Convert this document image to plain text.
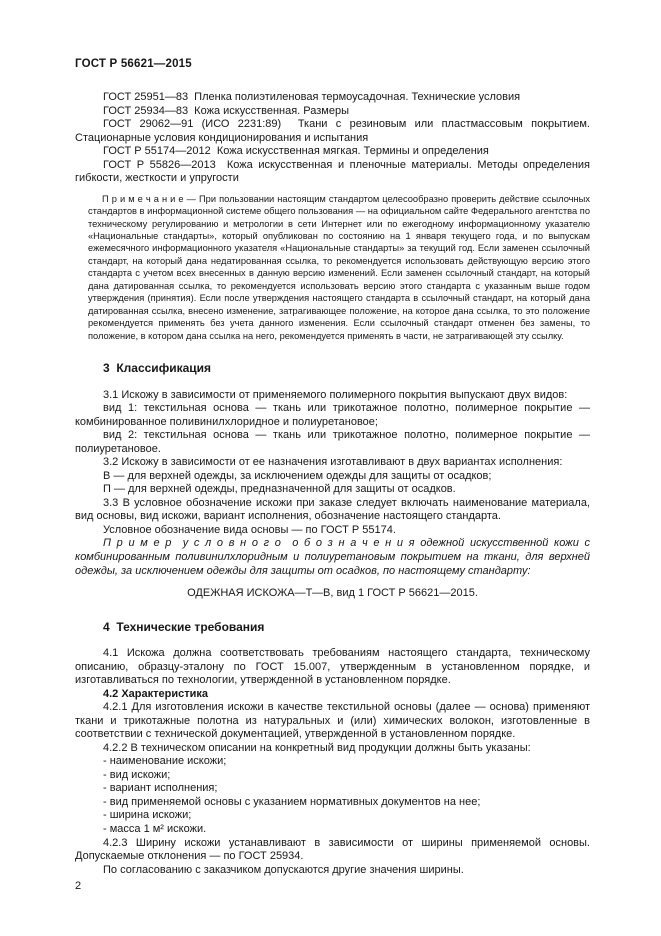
ГОСТ Р 56621—2015

ГОСТ 25951—83  Пленка полиэтиленовая термоусадочная. Технические условия

ГОСТ 25934—83  Кожа искусственная. Размеры

ГОСТ 29062—91 (ИСО 2231:89)  Ткани с резиновым или пластмассовым покрытием. Стационарные условия кондиционирования и испытания

ГОСТ Р 55174—2012  Кожа искусственная мягкая. Термины и определения

ГОСТ Р 55826—2013  Кожа искусственная и пленочные материалы. Методы определения гибкости, жесткости и упругости

П р и м е ч а н и е — При пользовании настоящим стандартом целесообразно проверить действие ссылочных стандартов в информационной системе общего пользования — на официальном сайте Федерального агентства по техническому регулированию и метрологии в сети Интернет или по ежегодному информационному указателю «Национальные стандарты», который опубликован по состоянию на 1 января текущего года, и по выпускам ежемесячного информационного указателя «Национальные стандарты» за текущий год. Если заменен ссылочный стандарт, на который дана недатированная ссылка, то рекомендуется использовать действующую версию этого стандарта с учетом всех внесенных в данную версию изменений. Если заменен ссылочный стандарт, на который дана датированная ссылка, то рекомендуется использовать версию этого стандарта с указанным выше годом утверждения (принятия). Если после утверждения настоящего стандарта в ссылочный стандарт, на который дана датированная ссылка, внесено изменение, затрагивающее положение, на которое дана ссылка, то это положение рекомендуется применять без учета данного изменения. Если ссылочный стандарт отменен без замены, то положение, в котором дана ссылка на него, рекомендуется применять в части, не затрагивающей эту ссылку.

3  Классификация

3.1 Искожу в зависимости от применяемого полимерного покрытия выпускают двух видов:

вид 1: текстильная основа — ткань или трикотажное полотно, полимерное покрытие — комбинированное поливинилхлоридное и полиуретановое;

вид 2: текстильная основа — ткань или трикотажное полотно, полимерное покрытие — полиуретановое.

3.2 Искожу в зависимости от ее назначения изготавливают в двух вариантах исполнения:

В — для верхней одежды, за исключением одежды для защиты от осадков;

П — для верхней одежды, предназначенной для защиты от осадков.

3.3 В условное обозначение искожи при заказе следует включать наименование материала, вид основы, вид искожи, вариант исполнения, обозначение настоящего стандарта.

Условное обозначение вида основы — по ГОСТ Р 55174.

П р и м е р  у с л о в н о г о  о б о з н а ч е н и я одежной искусственной кожи с комбинированным поливинилхлоридным и полиуретановым покрытием на ткани, для верхней одежды, за исключением одежды для защиты от осадков, по настоящему стандарту:

ОДЕЖНАЯ ИСКОЖА—Т—В, вид 1 ГОСТ Р 56621—2015.

4  Технические требования

4.1 Искожа должна соответствовать требованиям настоящего стандарта, техническому описанию, образцу-эталону по ГОСТ 15.007, утвержденным в установленном порядке, и изготавливаться по технологии, утвержденной в установленном порядке.

4.2 Характеристика

4.2.1 Для изготовления искожи в качестве текстильной основы (далее — основа) применяют ткани и трикотажные полотна из натуральных и (или) химических волокон, изготовленные в соответствии с технической документацией, утвержденной в установленном порядке.

4.2.2 В техническом описании на конкретный вид продукции должны быть указаны:

- наименование искожи;

- вид искожи;

- вариант исполнения;

- вид применяемой основы с указанием нормативных документов на нее;

- ширина искожи;

- масса 1 м² искожи.

4.2.3 Ширину искожи устанавливают в зависимости от ширины применяемой основы. Допускаемые отклонения — по ГОСТ 25934.

По согласованию с заказчиком допускаются другие значения ширины.

2
